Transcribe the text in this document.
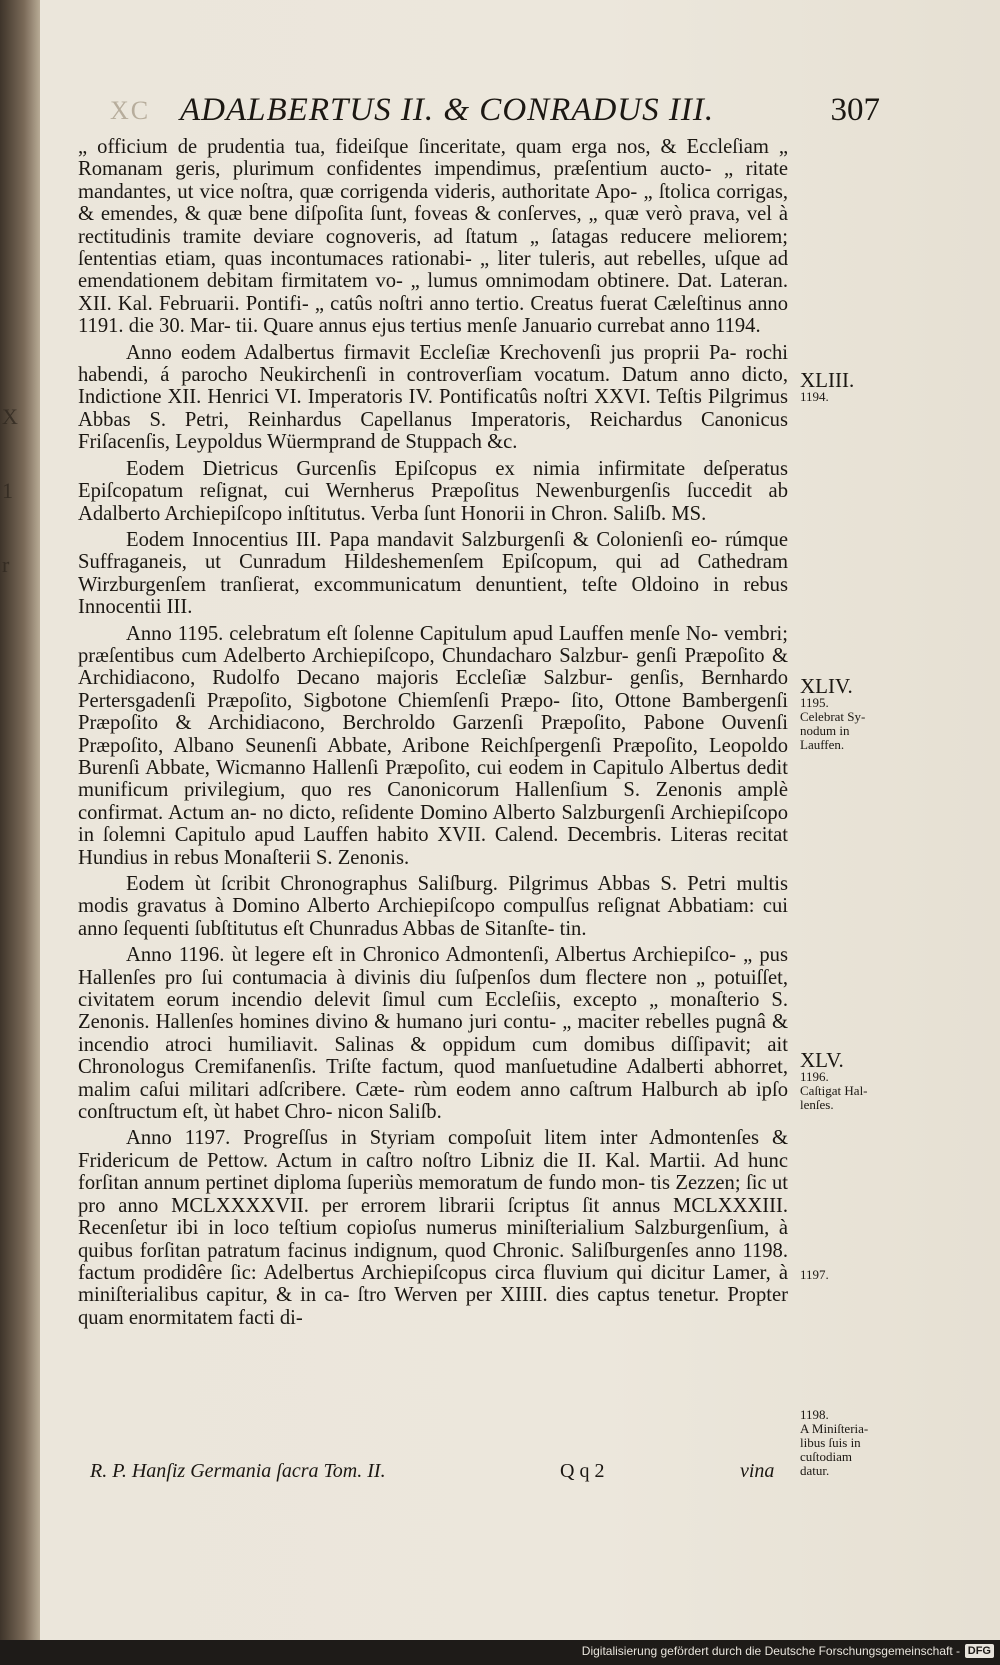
X
1
r
XC ADALBERTUS II. & CONRADUS III.	307

„ officium de prudentia tua, fideiſque ſinceritate, quam erga nos, & Eccleſiam „ Romanam geris, plurimum confidentes impendimus, præſentium aucto- „ ritate mandantes, ut vice noſtra, quæ corrigenda videris, authoritate Apo- „ ſtolica corrigas, & emendes, & quæ bene diſpoſita ſunt, foveas & conſerves, „ quæ verò prava, vel à rectitudinis tramite deviare cognoveris, ad ſtatum „ ſatagas reducere meliorem; ſententias etiam, quas incontumaces rationabi- „ liter tuleris, aut rebelles, uſque ad emendationem debitam firmitatem vo- „ lumus omnimodam obtinere. Dat. Lateran. XII. Kal. Februarii. Pontifi- „ catûs noſtri anno tertio. Creatus fuerat Cæleſtinus anno 1191. die 30. Mar- tii. Quare annus ejus tertius menſe Januario currebat anno 1194.

Anno eodem Adalbertus firmavit Eccleſiæ Krechovenſi jus proprii Pa- rochi habendi, á parocho Neukirchenſi in controverſiam vocatum. Datum anno dicto, Indictione XII. Henrici VI. Imperatoris IV. Pontificatûs noſtri XXVI. Teſtis Pilgrimus Abbas S. Petri, Reinhardus Capellanus Imperatoris, Reichardus Canonicus Friſacenſis, Leypoldus Wüermprand de Stuppach &c.

Eodem Dietricus Gurcenſis Epiſcopus ex nimia infirmitate deſperatus Epiſcopatum reſignat, cui Wernherus Præpoſitus Newenburgenſis ſuccedit ab Adalberto Archiepiſcopo inſtitutus. Verba ſunt Honorii in Chron. Saliſb. MS.

Eodem Innocentius III. Papa mandavit Salzburgenſi & Colonienſi eo- rúmque Suffraganeis, ut Cunradum Hildeshemenſem Epiſcopum, qui ad Cathedram Wirzburgenſem tranſierat, excommunicatum denuntient, teſte Oldoino in rebus Innocentii III.

Anno 1195. celebratum eſt ſolenne Capitulum apud Lauffen menſe No- vembri; præſentibus cum Adelberto Archiepiſcopo, Chundacharo Salzbur- genſi Præpoſito & Archidiacono, Rudolfo Decano majoris Eccleſiæ Salzbur- genſis, Bernhardo Pertersgadenſi Præpoſito, Sigbotone Chiemſenſi Præpo- ſito, Ottone Bambergenſi Præpoſito & Archidiacono, Berchroldo Garzenſi Præpoſito, Pabone Ouvenſi Præpoſito, Albano Seunenſi Abbate, Aribone Reichſpergenſi Præpoſito, Leopoldo Burenſi Abbate, Wicmanno Hallenſi Præpoſito, cui eodem in Capitulo Albertus dedit munificum privilegium, quo res Canonicorum Hallenſium S. Zenonis amplè confirmat. Actum an- no dicto, reſidente Domino Alberto Salzburgenſi Archiepiſcopo in ſolemni Capitulo apud Lauffen habito XVII. Calend. Decembris. Literas recitat Hundius in rebus Monaſterii S. Zenonis.

Eodem ùt ſcribit Chronographus Saliſburg. Pilgrimus Abbas S. Petri multis modis gravatus à Domino Alberto Archiepiſcopo compulſus reſignat Abbatiam: cui anno ſequenti ſubſtitutus eſt Chunradus Abbas de Sitanſte- tin.

Anno 1196. ùt legere eſt in Chronico Admontenſi, Albertus Archiepiſco- „ pus Hallenſes pro ſui contumacia à divinis diu ſuſpenſos dum flectere non „ potuiſſet, civitatem eorum incendio delevit ſimul cum Eccleſiis, excepto „ monaſterio S. Zenonis. Hallenſes homines divino & humano juri contu- „ maciter rebelles pugnâ & incendio atroci humiliavit. Salinas & oppidum cum domibus diſſipavit; ait Chronologus Cremifanenſis. Triſte factum, quod manſuetudine Adalberti abhorret, malim caſui militari adſcribere. Cæte- rùm eodem anno caſtrum Halburch ab ipſo conſtructum eſt, ùt habet Chro- nicon Saliſb.

Anno 1197. Progreſſus in Styriam compoſuit litem inter Admontenſes & Fridericum de Pettow. Actum in caſtro noſtro Libniz die II. Kal. Martii. Ad hunc forſitan annum pertinet diploma ſuperiùs memoratum de fundo mon- tis Zezzen; ſic ut pro anno MCLXXXXVII. per errorem librarii ſcriptus ſit annus MCLXXXIII. Recenſetur ibi in loco teſtium copioſus numerus miniſterialium Salzburgenſium, à quibus forſitan patratum facinus indignum, quod Chronic. Saliſburgenſes anno 1198. factum prodidêre ſic: Adelbertus Archiepiſcopus circa fluvium qui dicitur Lamer, à miniſterialibus capitur, & in ca- ſtro Werven per XIIII. dies captus tenetur. Propter quam enormitatem facti di-

XLIII.
1194.
XLIV.
1195.
Celebrat Sy-
nodum in
Lauffen.
XLV.
1196.
Caſtigat Hal-
lenſes.
1197.
1198.
A Miniſteria-
libus ſuis in
cuſtodiam
datur.
R. P. Hanſiz Germania ſacra Tom. II.	Q q 2	vina
Digitalisierung gefördert durch die Deutsche Forschungsgemeinschaft - DFG
